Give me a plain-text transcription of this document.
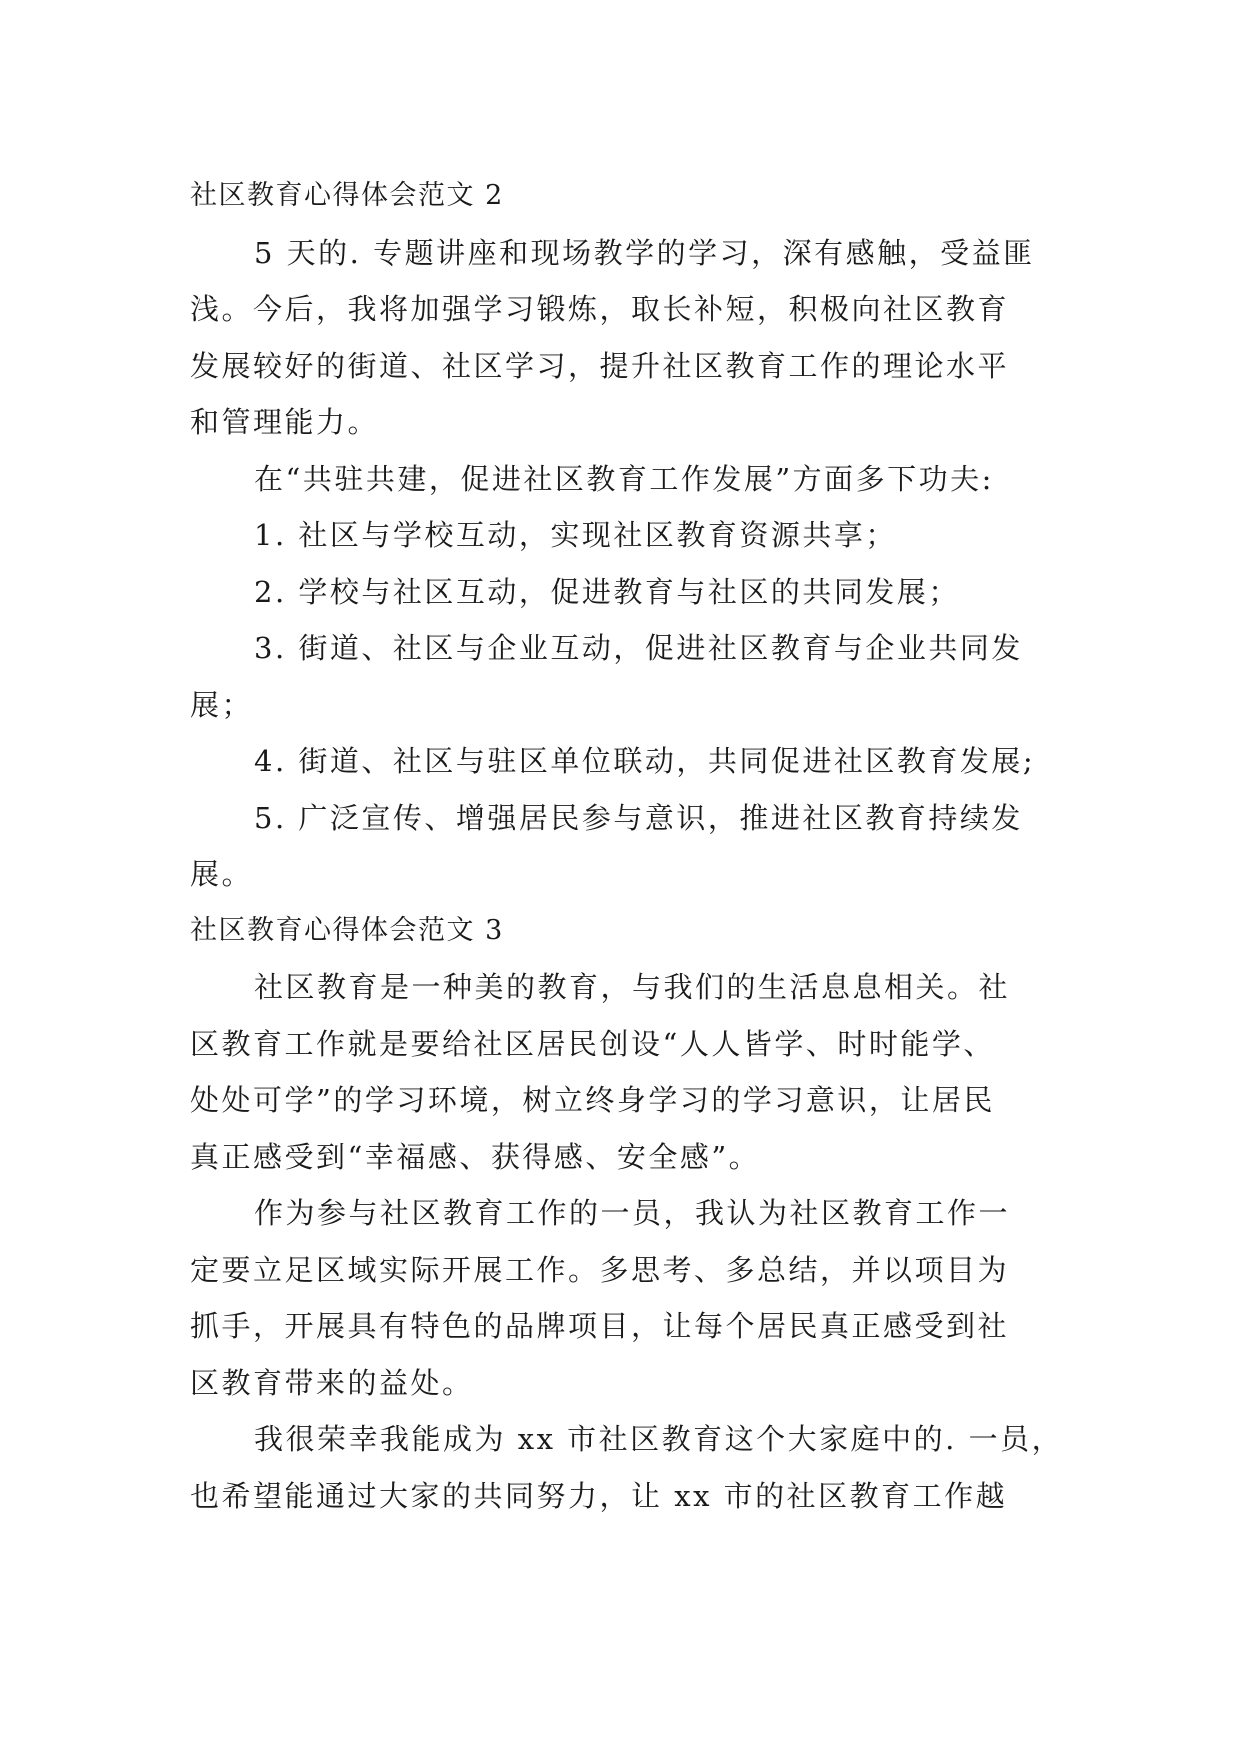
社区教育心得体会范文 2
5 天的. 专题讲座和现场教学的学习，深有感触，受益匪
浅。今后，我将加强学习锻炼，取长补短，积极向社区教育
发展较好的街道、社区学习，提升社区教育工作的理论水平
和管理能力。
在“共驻共建，促进社区教育工作发展”方面多下功夫:
1. 社区与学校互动，实现社区教育资源共享；
2. 学校与社区互动，促进教育与社区的共同发展；
3. 街道、社区与企业互动，促进社区教育与企业共同发
展；
4. 街道、社区与驻区单位联动，共同促进社区教育发展;
5. 广泛宣传、增强居民参与意识，推进社区教育持续发
展。
社区教育心得体会范文 3
社区教育是一种美的教育，与我们的生活息息相关。社
区教育工作就是要给社区居民创设“人人皆学、时时能学、
处处可学”的学习环境，树立终身学习的学习意识，让居民
真正感受到“幸福感、获得感、安全感”。
作为参与社区教育工作的一员，我认为社区教育工作一
定要立足区域实际开展工作。多思考、多总结，并以项目为
抓手，开展具有特色的品牌项目，让每个居民真正感受到社
区教育带来的益处。
我很荣幸我能成为 xx 市社区教育这个大家庭中的. 一员，
也希望能通过大家的共同努力，让 xx 市的社区教育工作越
